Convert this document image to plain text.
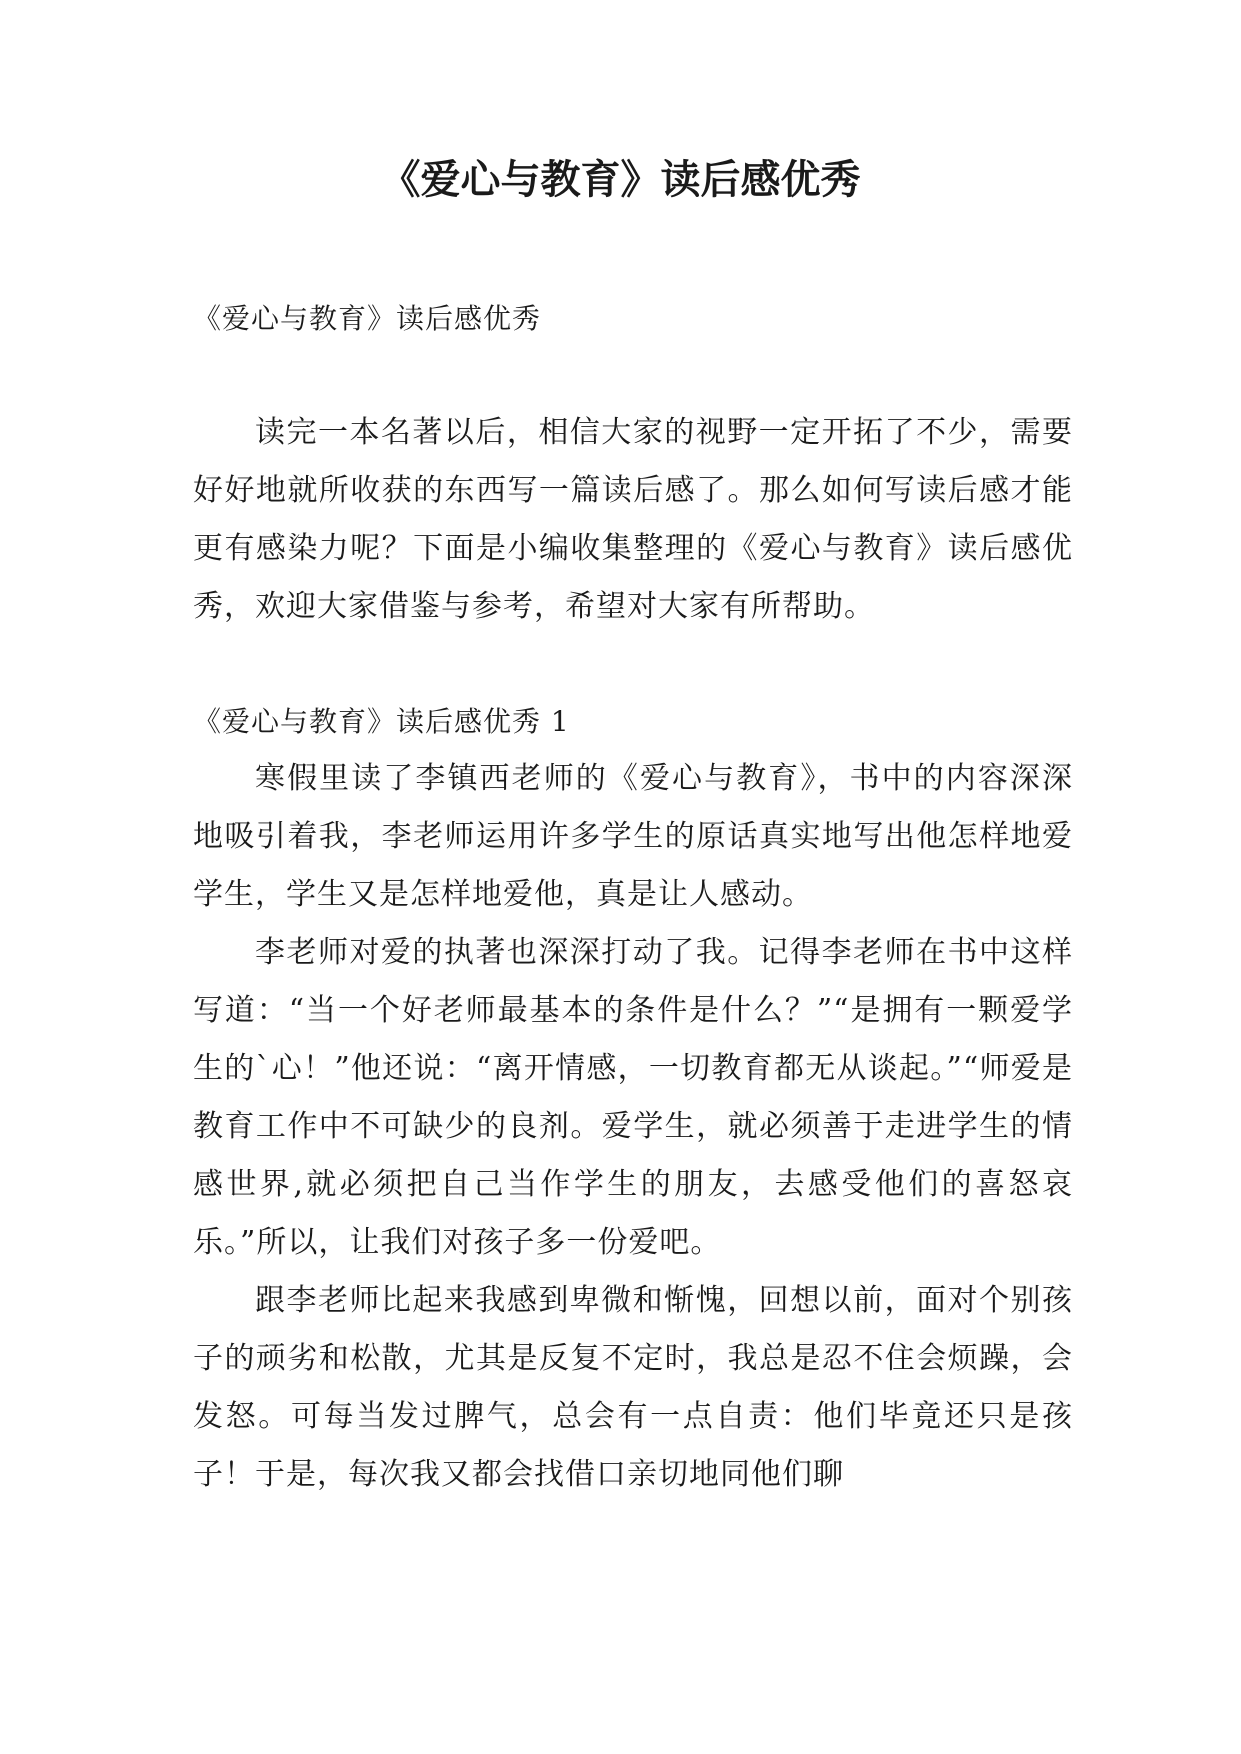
《爱心与教育》读后感优秀

《爱心与教育》读后感优秀

读完一本名著以后，相信大家的视野一定开拓了不少，需要好好地就所收获的东西写一篇读后感了。那么如何写读后感才能更有感染力呢？下面是小编收集整理的《爱心与教育》读后感优秀，欢迎大家借鉴与参考，希望对大家有所帮助。

《爱心与教育》读后感优秀 1

寒假里读了李镇西老师的《爱心与教育》，书中的内容深深地吸引着我，李老师运用许多学生的原话真实地写出他怎样地爱学生，学生又是怎样地爱他，真是让人感动。

李老师对爱的执著也深深打动了我。记得李老师在书中这样写道：“当一个好老师最基本的条件是什么？”“是拥有一颗爱学生的`心！”他还说：“离开情感，一切教育都无从谈起。”“师爱是教育工作中不可缺少的良剂。爱学生，就必须善于走进学生的情感世界,就必须把自己当作学生的朋友，去感受他们的喜怒哀乐。”所以，让我们对孩子多一份爱吧。

跟李老师比起来我感到卑微和惭愧，回想以前，面对个别孩子的顽劣和松散，尤其是反复不定时，我总是忍不住会烦躁，会发怒。可每当发过脾气，总会有一点自责：他们毕竟还只是孩子！于是，每次我又都会找借口亲切地同他们聊
